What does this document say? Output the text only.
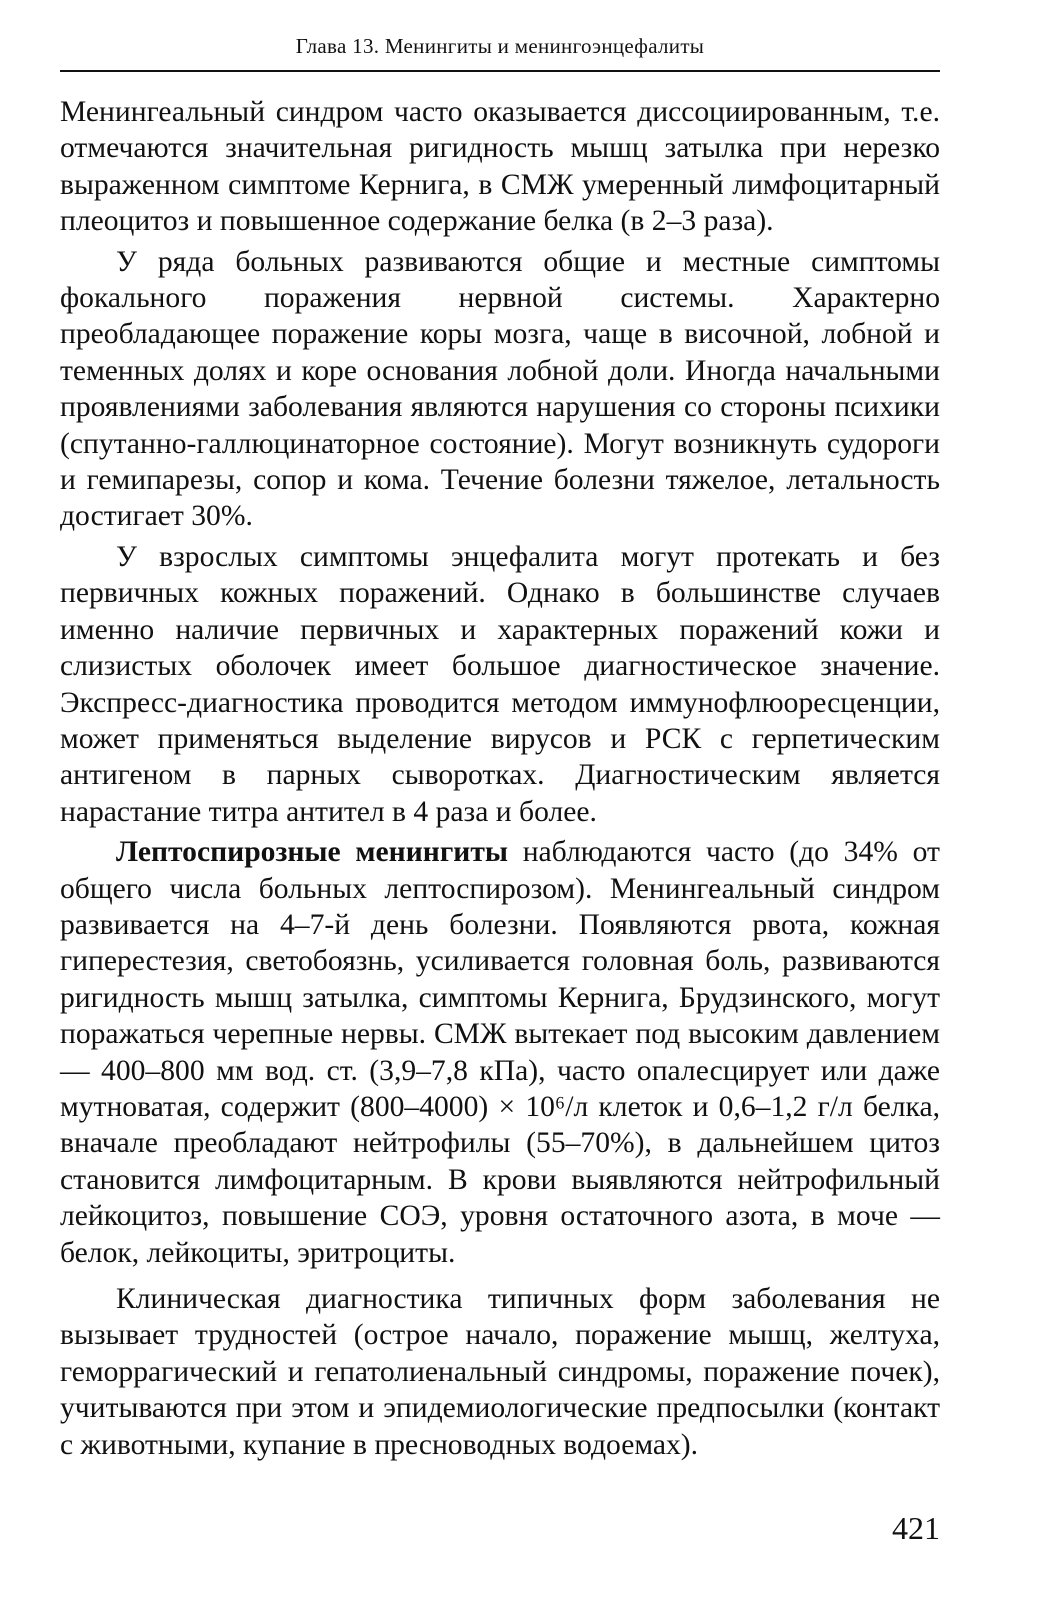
Глава 13. Менингиты и менингоэнцефалиты

Менингеальный синдром часто оказывается диссоциированным, т.е. отмечаются значительная ригидность мышц затылка при нерезко выраженном симптоме Кернига, в СМЖ умеренный лимфоцитарный плеоцитоз и повышенное содержание белка (в 2–3 раза).

У ряда больных развиваются общие и местные симптомы фокального поражения нервной системы. Характерно преобладающее поражение коры мозга, чаще в височной, лобной и теменных долях и коре основания лобной доли. Иногда начальными проявлениями заболевания являются нарушения со стороны психики (спутанно-галлюцинаторное состояние). Могут возникнуть судороги и гемипарезы, сопор и кома. Течение болезни тяжелое, летальность достигает 30%.

У взрослых симптомы энцефалита могут протекать и без первичных кожных поражений. Однако в большинстве случаев именно наличие первичных и характерных поражений кожи и слизистых оболочек имеет большое диагностическое значение. Экспресс-диагностика проводится методом иммунофлюоресценции, может применяться выделение вирусов и РСК с герпетическим антигеном в парных сыворотках. Диагностическим является нарастание титра антител в 4 раза и более.

Лептоспирозные менингиты наблюдаются часто (до 34% от общего числа больных лептоспирозом). Менингеальный синдром развивается на 4–7-й день болезни. Появляются рвота, кожная гиперестезия, светобоязнь, усиливается головная боль, развиваются ригидность мышц затылка, симптомы Кернига, Брудзинского, могут поражаться черепные нервы. СМЖ вытекает под высоким давлением — 400–800 мм вод. ст. (3,9–7,8 кПа), часто опалесцирует или даже мутноватая, содержит (800–4000) × 10⁶/л клеток и 0,6–1,2 г/л белка, вначале преобладают нейтрофилы (55–70%), в дальнейшем цитоз становится лимфоцитарным. В крови выявляются нейтрофильный лейкоцитоз, повышение СОЭ, уровня остаточного азота, в моче — белок, лейкоциты, эритроциты.

Клиническая диагностика типичных форм заболевания не вызывает трудностей (острое начало, поражение мышц, желтуха, геморрагический и гепатолиенальный синдромы, поражение почек), учитываются при этом и эпидемиологические предпосылки (контакт с животными, купание в пресноводных водоемах).

421
